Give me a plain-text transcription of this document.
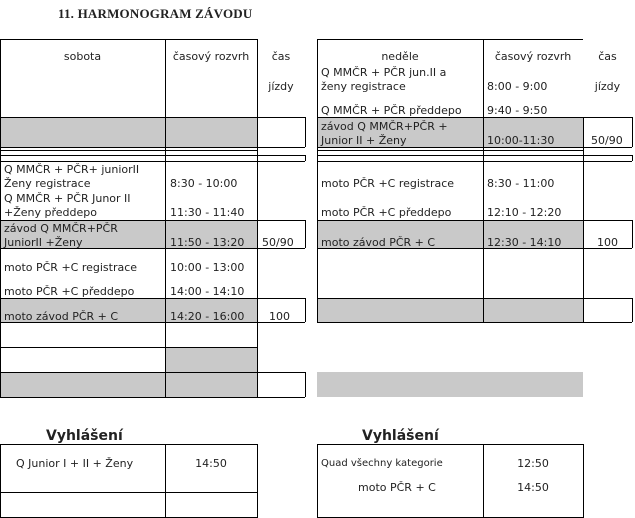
11. HARMONOGRAM ZÁVODU
sobota	časový rozvrh	čas
jízdy
Q MMČR + PČR+ juniorII
Ženy registrace	8:30 - 10:00
Q MMČR + PČR Junor II
+Ženy předdepo	11:30 - 11:40
závod Q MMČR+PČR
JuniorII +Ženy	11:50 - 13:20 50/90
moto PČR +C registrace	10:00 - 13:00
moto PČR +C předdepo	14:00 - 14:10
moto závod PČR + C	14:20 - 16:00 100
neděle	časový rozvrh	čas
jízdy
Q MMČR + PČR jun.II a
ženy registrace	8:00 - 9:00
Q MMČR + PČR předdepo 9:40 - 9:50
závod Q MMČR+PČR +
Junior II + Ženy	10:00-11:30	50/90
moto PČR +C registrace	8:30 - 11:00
moto PČR +C předdepo	12:10 - 12:20
moto závod PČR + C	12:30 - 14:10	100
Vyhlášení
Q Junior I + II + Ženy	14:50
Vyhlášení
Quad všechny kategorie	12:50
moto PČR + C	14:50
